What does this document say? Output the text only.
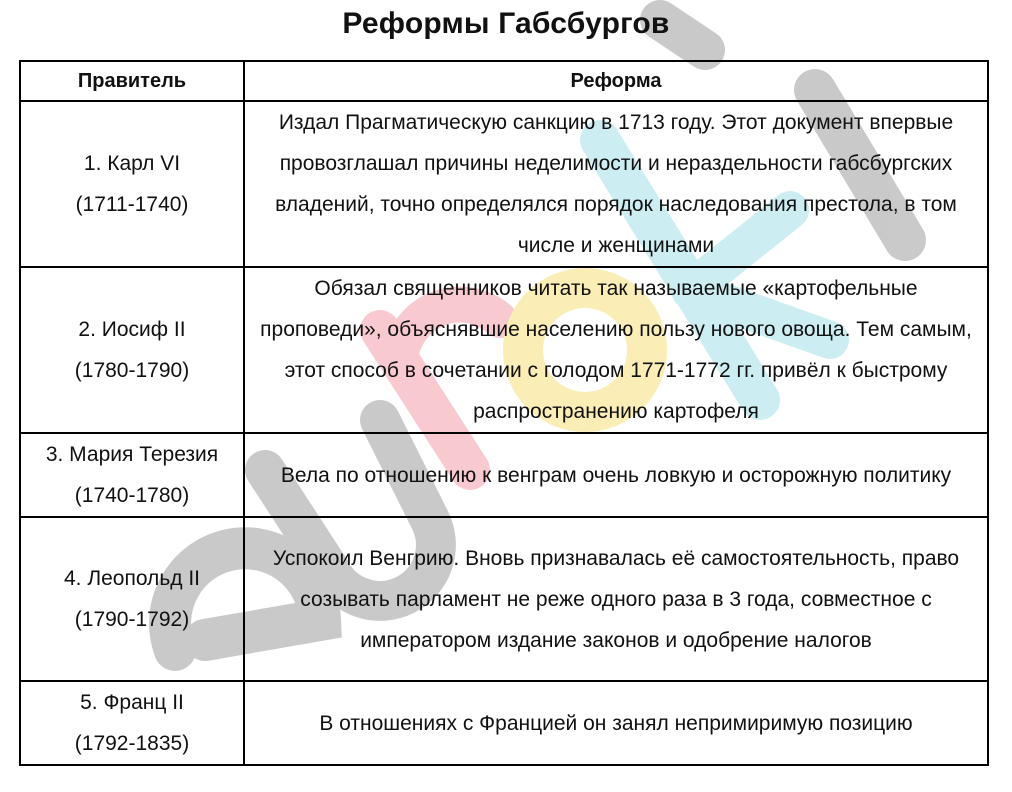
Реформы Габсбургов
Правитель	Реформа

1. Карл VI
(1711-1740)	Издал Прагматическую санкцию в 1713 году. Этот документ впервые провозглашал причины неделимости и нераздельности габсбургских владений, точно определялся порядок наследования престола, в том числе и женщинами

2. Иосиф II
(1780-1790)	Обязал священников читать так называемые «картофельные проповеди», объяснявшие населению пользу нового овоща. Тем самым, этот способ в сочетании с голодом 1771-1772 гг. привёл к быстрому распространению картофеля

3. Мария Терезия
(1740-1780)	Вела по отношению к венграм очень ловкую и осторожную политику

4. Леопольд II
(1790-1792)	Успокоил Венгрию. Вновь признавалась её самостоятельность, право созывать парламент не реже одного раза в 3 года, совместное с императором издание законов и одобрение налогов

5. Франц II
(1792-1835)	В отношениях с Францией он занял непримиримую позицию
